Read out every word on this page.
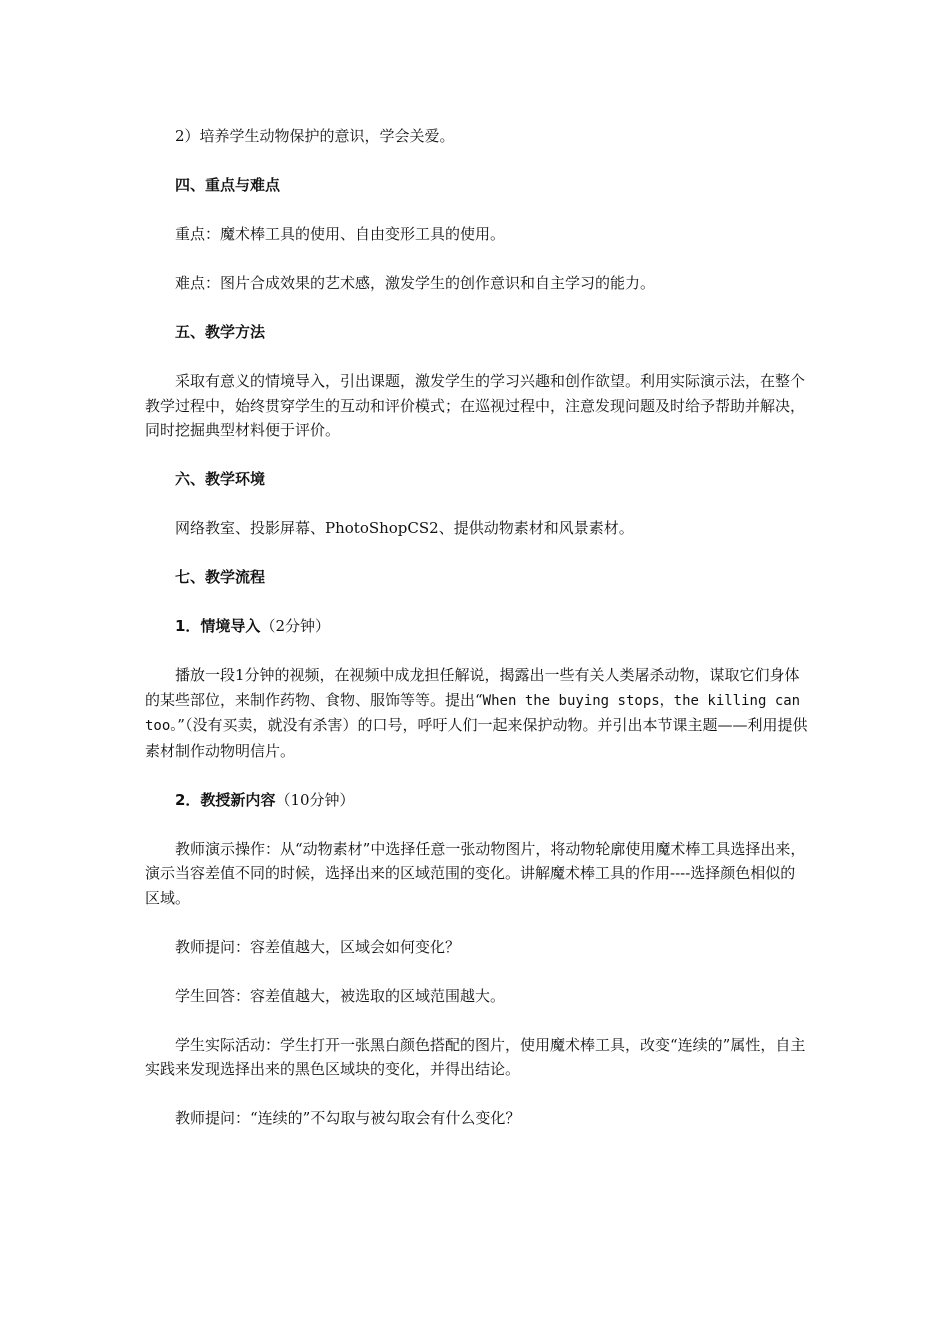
2）培养学生动物保护的意识，学会关爱。

四、重点与难点

重点：魔术棒工具的使用、自由变形工具的使用。

难点：图片合成效果的艺术感，激发学生的创作意识和自主学习的能力。

五、教学方法

采取有意义的情境导入，引出课题，激发学生的学习兴趣和创作欲望。利用实际演示法，在整个教学过程中，始终贯穿学生的互动和评价模式；在巡视过程中，注意发现问题及时给予帮助并解决，同时挖掘典型材料便于评价。

六、教学环境

网络教室、投影屏幕、PhotoShopCS2、提供动物素材和风景素材。

七、教学流程

1．情境导入（2分钟）

播放一段1分钟的视频，在视频中成龙担任解说，揭露出一些有关人类屠杀动物，谋取它们身体的某些部位，来制作药物、食物、服饰等等。提出“When the buying stops，the killing can too。”（没有买卖，就没有杀害）的口号，呼吁人们一起来保护动物。并引出本节课主题——利用提供素材制作动物明信片。

2．教授新内容（10分钟）

教师演示操作：从“动物素材”中选择任意一张动物图片，将动物轮廓使用魔术棒工具选择出来，演示当容差值不同的时候，选择出来的区域范围的变化。讲解魔术棒工具的作用----选择颜色相似的区域。

教师提问：容差值越大，区域会如何变化？

学生回答：容差值越大，被选取的区域范围越大。

学生实际活动：学生打开一张黑白颜色搭配的图片，使用魔术棒工具，改变“连续的”属性，自主实践来发现选择出来的黑色区域块的变化，并得出结论。

教师提问：“连续的”不勾取与被勾取会有什么变化？
